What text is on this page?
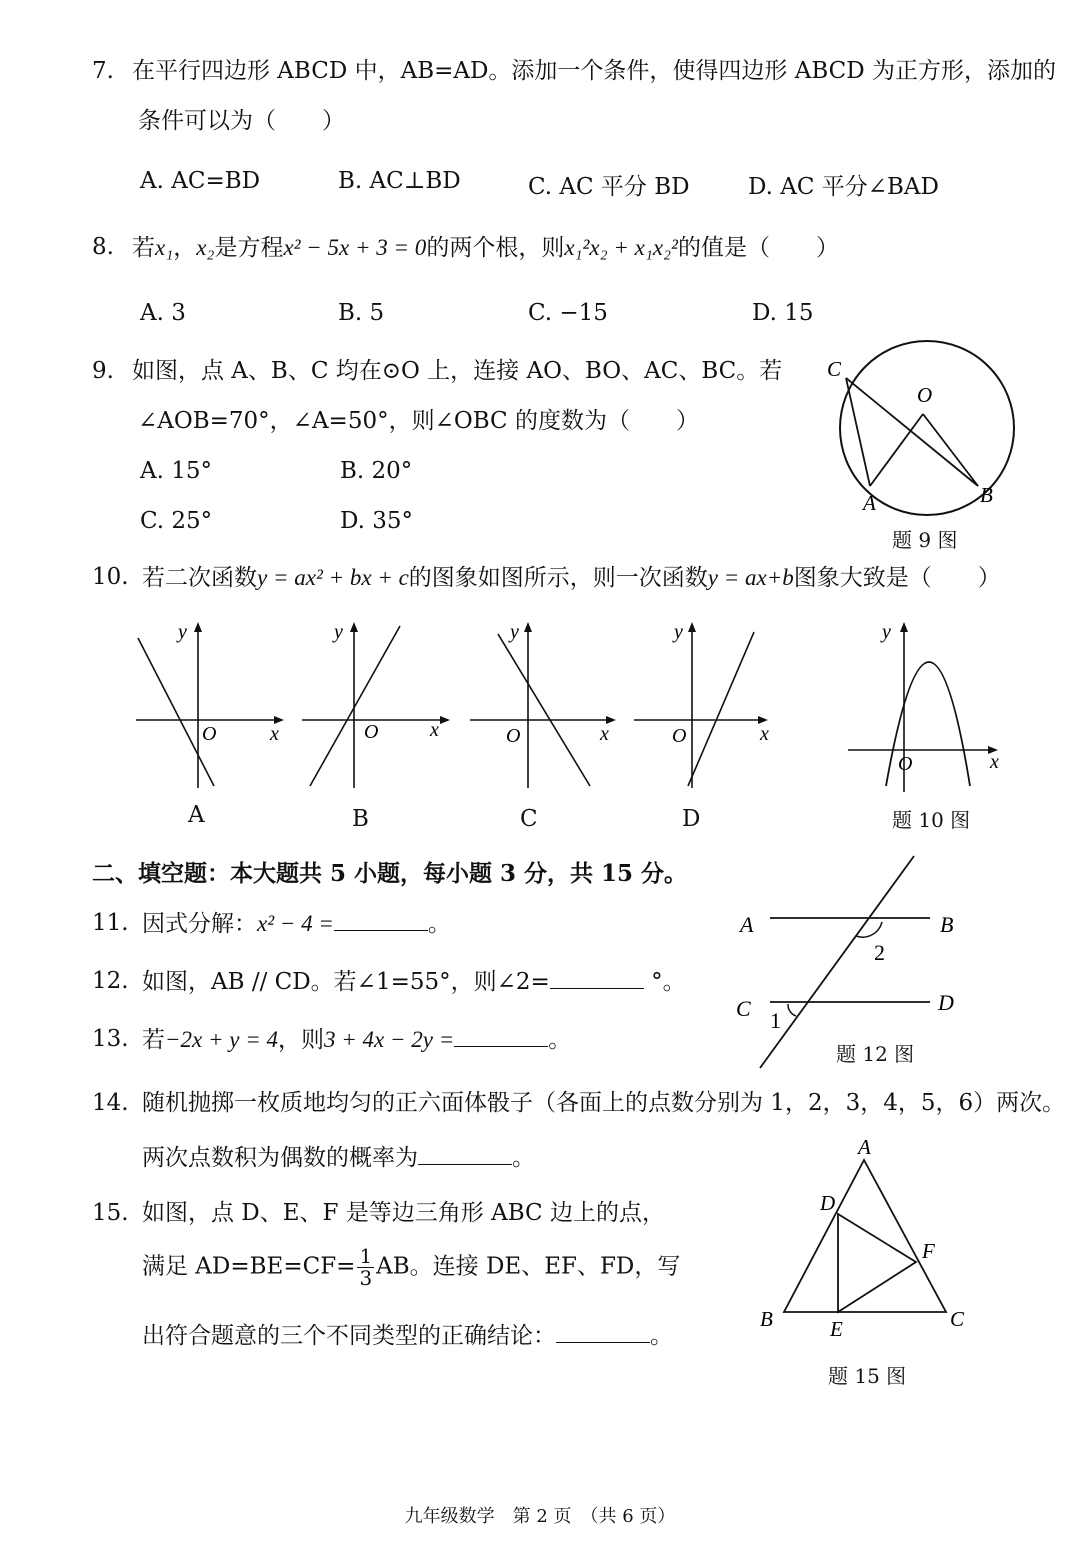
7. 在平行四边形 ABCD 中，AB=AD。添加一个条件，使得四边形 ABCD 为正方形，添加的
条件可以为（　　）
A. AC=BD	B. AC⊥BD	C. AC 平分 BD	D. AC 平分∠BAD
8. 若x₁，x₂是方程x² − 5x + 3 = 0的两个根，则x₁²x₂ + x₁x₂²的值是（　　）
A. 3	B. 5	C. −15	D. 15
9. 如图，点 A、B、C 均在⊙O 上，连接 AO、BO、AC、BC。若
∠AOB=70°，∠A=50°，则∠OBC 的度数为（　　）
A. 15°	B. 20°
C. 25°	D. 35°
C
O
A	B
题 9 图
10. 若二次函数y = ax² + bx + c的图象如图所示，则一次函数y = ax+b图象大致是（　　）
y
x
O
A
y
x
O
B
y
x
O
C
y
x
O
D
y
x
O
题 10 图
二、填空题：本大题共 5 小题，每小题 3 分，共 15 分。
11. 因式分解：x² − 4 =	。
12. 如图，AB // CD。若∠1=55°，则∠2=	°。
A	B
C	D
2
1
题 12 图
13. 若−2x + y = 4，则3 + 4x − 2y =	。
14. 随机抛掷一枚质地均匀的正六面体骰子（各面上的点数分别为 1，2，3，4，5，6）两次。
两次点数积为偶数的概率为	。
15. 如图，点 D、E、F 是等边三角形 ABC 边上的点，
满足 $AD=BE=CF= \frac{1}{3}$ AB。连接 DE、EF、FD，写
出符合题意的三个不同类型的正确结论：	。
A
D
F
B	E	C
题 15 图
九年级数学　第 2 页　（共 6 页）
